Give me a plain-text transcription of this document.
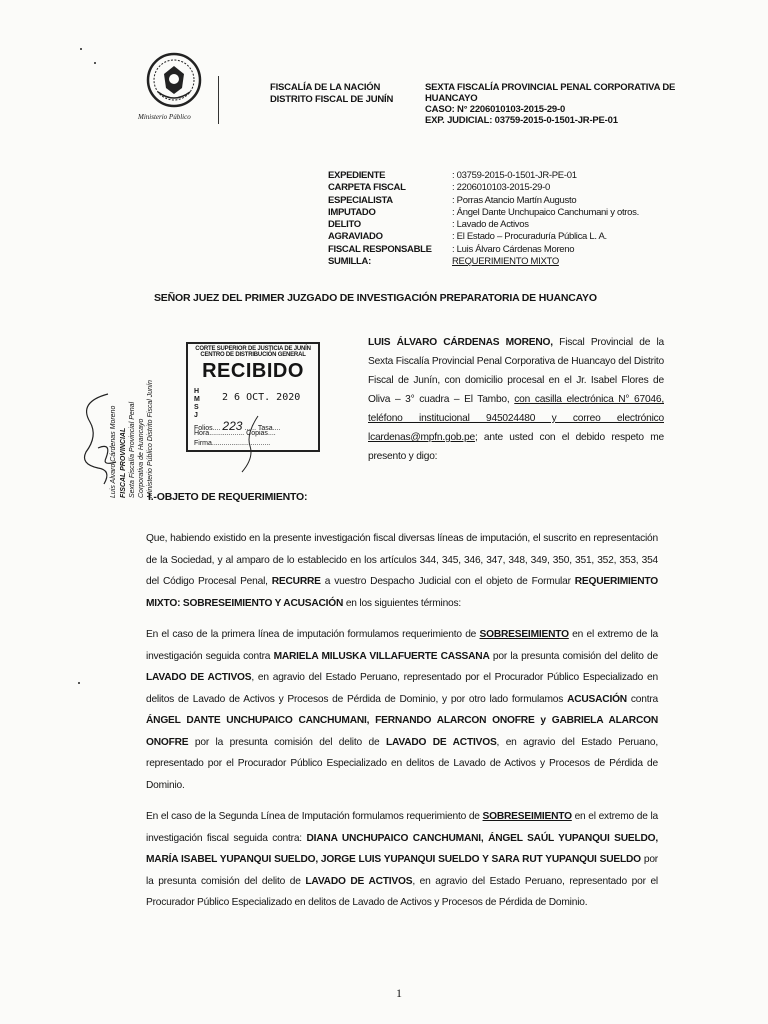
Ministerio Público
FISCALÍA DE LA NACIÓN
DISTRITO FISCAL DE JUNÍN
SEXTA FISCALÍA PROVINCIAL PENAL CORPORATIVA DE
HUANCAYO
CASO: N° 2206010103-2015-29-0
EXP. JUDICIAL: 03759-2015-0-1501-JR-PE-01
EXPEDIENTE	: 03759-2015-0-1501-JR-PE-01
CARPETA FISCAL	: 2206010103-2015-29-0
ESPECIALISTA	: Porras Atancio Martín Augusto
IMPUTADO	: Ángel Dante Unchupaico Canchumani y otros.
DELITO	: Lavado de Activos
AGRAVIADO	: El Estado – Procuraduría Pública L. A.
FISCAL RESPONSABLE : Luis Álvaro Cárdenas Moreno
SUMILLA:	REQUERIMIENTO MIXTO
SEÑOR JUEZ DEL PRIMER JUZGADO DE INVESTIGACIÓN PREPARATORIA DE HUANCAYO
LUIS ÁLVARO CÁRDENAS MORENO, Fiscal Provincial de la Sexta Fiscalía Provincial Penal Corporativa de Huancayo del Distrito Fiscal de Junín, con domicilio procesal en el Jr. Isabel Flores de Oliva – 3° cuadra – El Tambo, con casilla electrónica N° 67046, teléfono institucional 945024480 y correo electrónico lcardenas@mpfn.gob.pe; ante usted con el debido respeto me presento y digo:
Luis Alvaro Cárdenas Moreno FISCAL PROVINCIAL Sexta Fiscalía Provincial Penal Corporativa de Huancayo Ministerio Público Distrito Fiscal Junín
CORTE SUPERIOR DE JUSTICIA DE JUNÍN
CENTRO DE DISTRIBUCIÓN GENERAL
RECIBIDO
H
M
S
J
2 6 OCT. 2020
Folios.... 223 ...... Tasa....
Hora.................. Copias....
Firma..............................
I.-OBJETO DE REQUERIMIENTO:
Que, habiendo existido en la presente investigación fiscal diversas líneas de imputación, el suscrito en representación de la Sociedad, y al amparo de lo establecido en los artículos 344, 345, 346, 347, 348, 349, 350, 351, 352, 353, 354 del Código Procesal Penal, RECURRE a vuestro Despacho Judicial con el objeto de Formular REQUERIMIENTO MIXTO: SOBRESEIMIENTO Y ACUSACIÓN en los siguientes términos:
En el caso de la primera línea de imputación formulamos requerimiento de SOBRESEIMIENTO en el extremo de la investigación seguida contra MARIELA MILUSKA VILLAFUERTE CASSANA por la presunta comisión del delito de LAVADO DE ACTIVOS, en agravio del Estado Peruano, representado por el Procurador Público Especializado en delitos de Lavado de Activos y Procesos de Pérdida de Dominio, y por otro lado formulamos ACUSACIÓN contra ÁNGEL DANTE UNCHUPAICO CANCHUMANI, FERNANDO ALARCON ONOFRE y GABRIELA ALARCON ONOFRE por la presunta comisión del delito de LAVADO DE ACTIVOS, en agravio del Estado Peruano, representado por el Procurador Público Especializado en delitos de Lavado de Activos y Procesos de Pérdida de Dominio.
En el caso de la Segunda Línea de Imputación formulamos requerimiento de SOBRESEIMIENTO en el extremo de la investigación fiscal seguida contra: DIANA UNCHUPAICO CANCHUMANI, ÁNGEL SAÚL YUPANQUI SUELDO, MARÍA ISABEL YUPANQUI SUELDO, JORGE LUIS YUPANQUI SUELDO Y SARA RUT YUPANQUI SUELDO por la presunta comisión del delito de LAVADO DE ACTIVOS, en agravio del Estado Peruano, representado por el Procurador Público Especializado en delitos de Lavado de Activos y Procesos de Pérdida de Dominio.
1
